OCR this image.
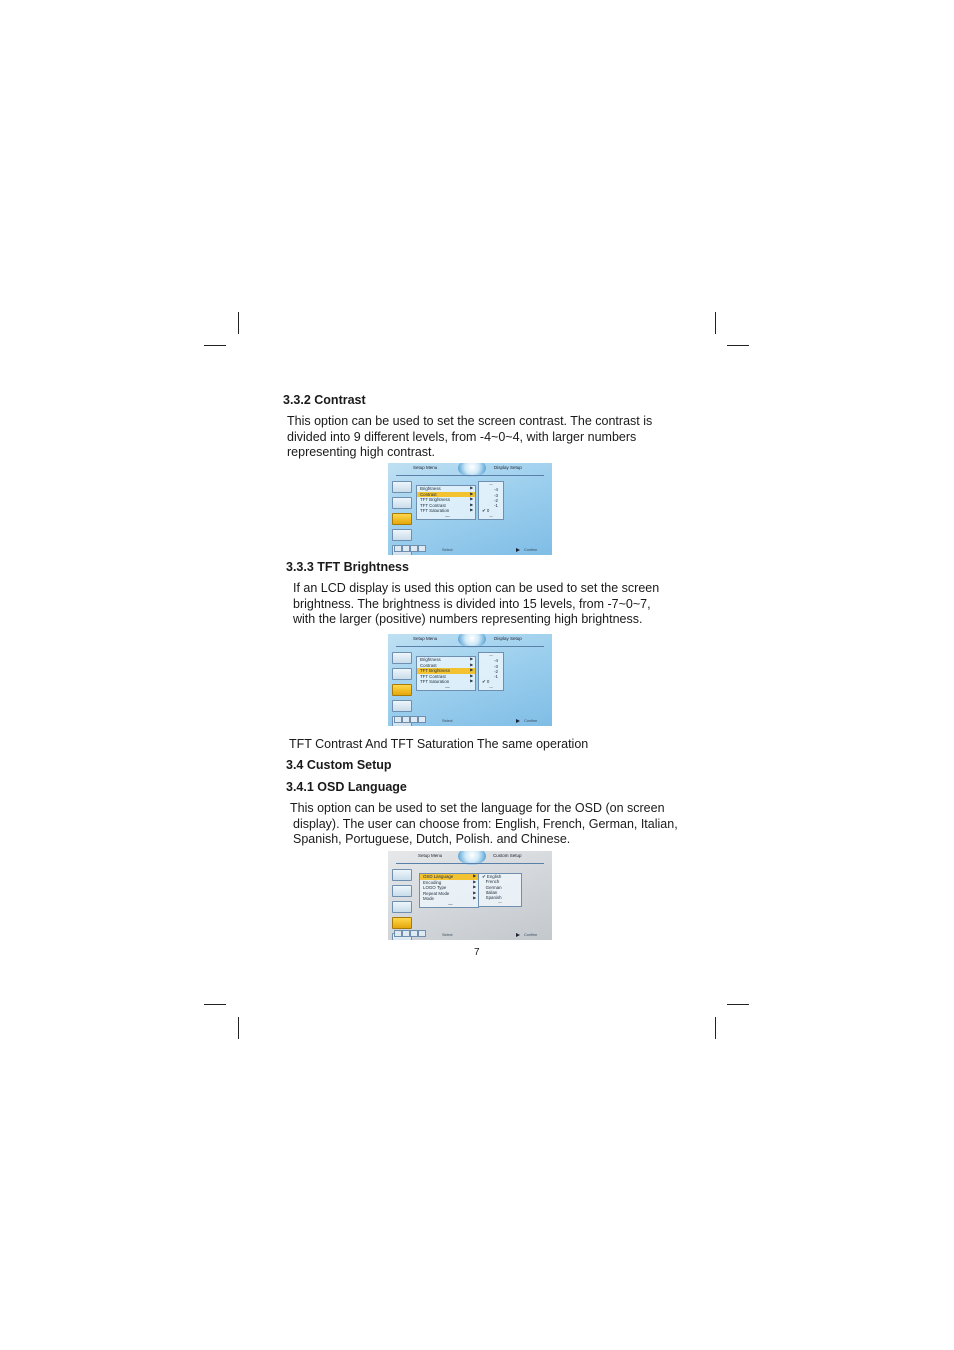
3.3.2 Contrast
This option can be used to set the screen contrast. The contrast is
divided into 9 different levels, from -4~0~4, with larger numbers
representing high contrast.
Setup Menu	Display Setup
Brightness	▶
Contrast	▶
TFT Brightness	▶
TFT Contrast	▶
TFT Saturation	▶
—
—
-4
-3
-2
-1
✔ 0
—
Select	Confirm
3.3.3 TFT Brightness
If an LCD display is used this option can be used to set the screen
brightness. The brightness is divided into 15 levels, from -7~0~7,
with the larger (positive) numbers representing high brightness.
Setup Menu	Display Setup
Brightness	▶
Contrast	▶
TFT Brightness	▶
TFT Contrast	▶
TFT Saturation	▶
—
—
-4
-3
-2
-1
✔ 0
—
Select	Confirm
TFT Contrast And TFT Saturation The same operation
3.4 Custom Setup
3.4.1 OSD Language
This option can be used to set the language for the OSD (on screen
display). The user can choose from: English, French, German, Italian,
Spanish, Portuguese, Dutch, Polish. and Chinese.
Setup Menu	Custom Setup
OSD Language	▶
Encoding	▶
LOGO Type	▶
Repeat Mode	▶
Mode	▶
—
✔ English
French
German
Italian
Spanish
—
Select	Confirm
7
